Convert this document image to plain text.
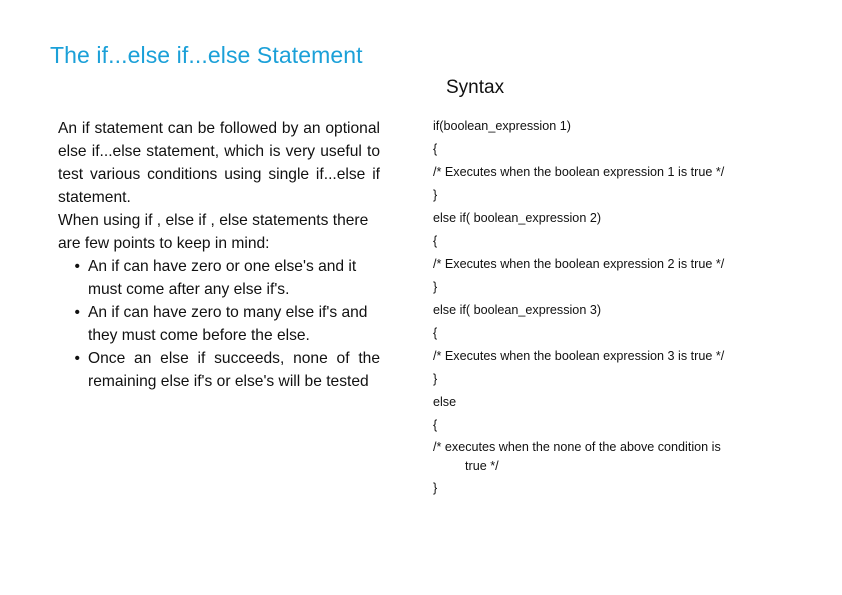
The if...else if...else Statement
Syntax

An if statement can be followed by an optional else if...else statement, which is very useful to test various conditions using single if...else if statement.

When using if , else if , else statements there are few points to keep in mind:

• An if can have zero or one else's and it must come after any else if's.
• An if can have zero to many else if's and they must come before the else.
• Once an else if succeeds, none of the remaining else if's or else's will be tested
if(boolean_expression 1)
{
/* Executes when the boolean expression 1 is true */
}
else if( boolean_expression 2)
{
/* Executes when the boolean expression 2 is true */
}
else if( boolean_expression 3)
{
/* Executes when the boolean expression 3 is true */
}
else
{
/* executes when the none of the above condition is
true */
}
